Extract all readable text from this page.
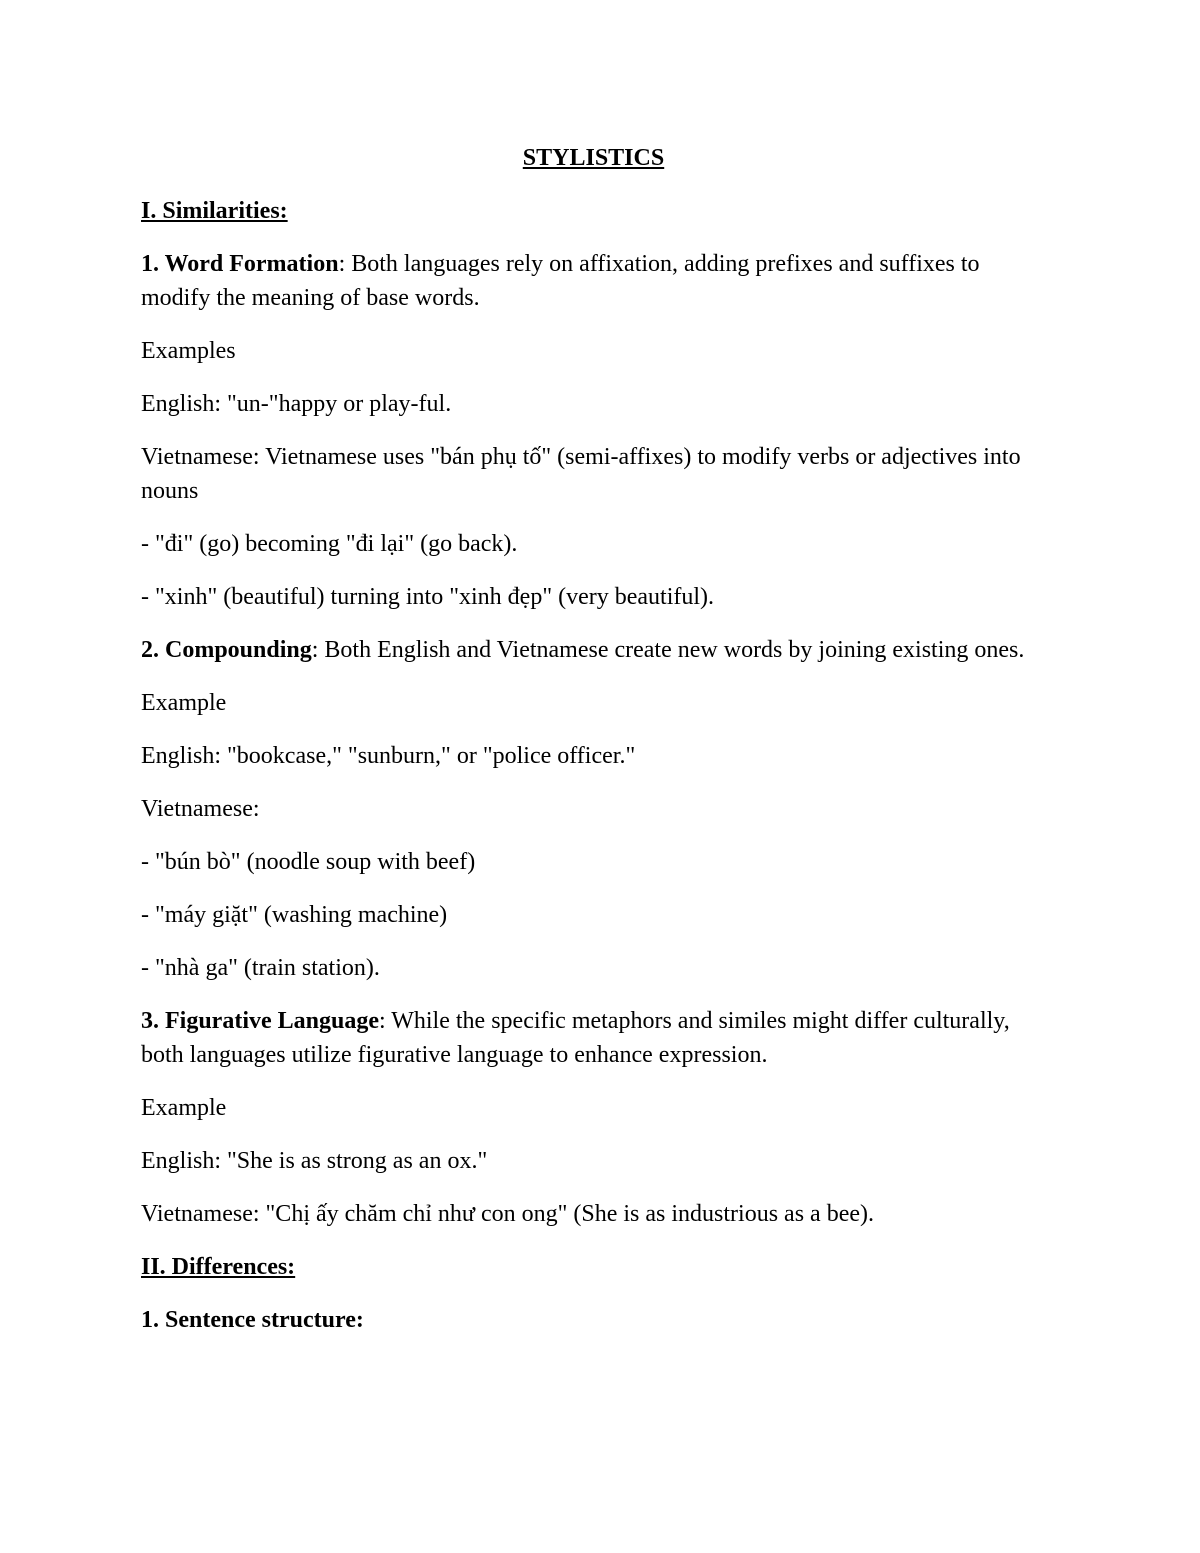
STYLISTICS

I. Similarities:

1. Word Formation: Both languages rely on affixation, adding prefixes and suffixes to modify the meaning of base words.

Examples

English: "un-"happy or play-ful.

Vietnamese: Vietnamese uses "bán phụ tố" (semi-affixes) to modify verbs or adjectives into nouns

- "đi" (go) becoming "đi lại" (go back).

- "xinh" (beautiful) turning into "xinh đẹp" (very beautiful).

2. Compounding: Both English and Vietnamese create new words by joining existing ones.

Example

English: "bookcase," "sunburn," or "police officer."

Vietnamese:

- "bún bò" (noodle soup with beef)

- "máy giặt" (washing machine)

- "nhà ga" (train station).

3. Figurative Language: While the specific metaphors and similes might differ culturally, both languages utilize figurative language to enhance expression.

Example

English: "She is as strong as an ox."

Vietnamese: "Chị ấy chăm chỉ như con ong" (She is as industrious as a bee).

II. Differences:

1. Sentence structure:
